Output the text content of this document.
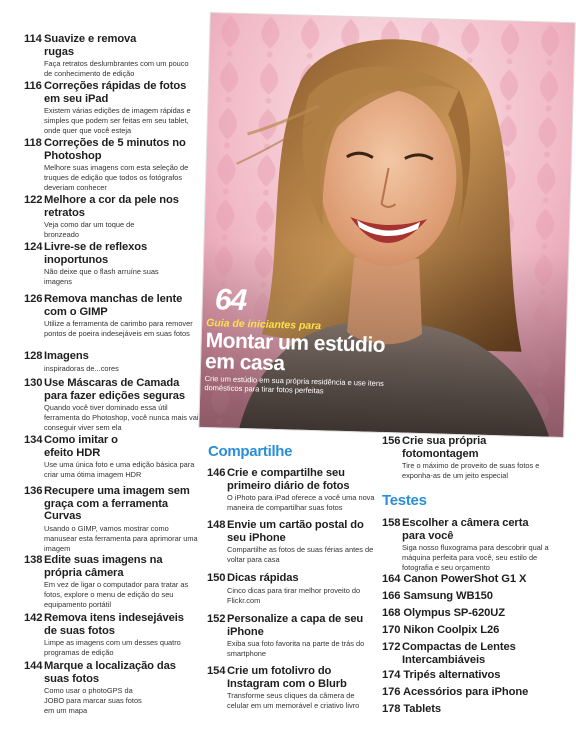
114 Suavize e remova rugas
Faça retratos deslumbrantes com um pouco de conhecimento de edição
116 Correções rápidas de fotos em seu iPad
Existem várias edições de imagem rápidas e simples que podem ser feitas em seu tablet, onde quer que você esteja
118 Correções de 5 minutos no Photoshop
Melhore suas imagens com esta seleção de truques de edição que todos os fotógrafos deveriam conhecer
122 Melhore a cor da pele nos retratos
Veja como dar um toque de bronzeado
124 Livre-se de reflexos inoportunos
Não deixe que o flash arruíne suas imagens
126 Remova manchas de lente com o GIMP
Utilize a ferramenta de carimbo para remover pontos de poeira indesejáveis em suas fotos
128 Imagens
inspiradoras de...cores
130 Use Máscaras de Camada para fazer edições seguras
Quando você tiver dominado essa útil ferramenta do Photoshop, você nunca mais vai conseguir viver sem ela
134 Como imitar o efeito HDR
Use uma única foto e uma edição básica para criar uma ótima imagem HDR
136 Recupere uma imagem sem graça com a ferramenta Curvas
Usando o GIMP, vamos mostrar como manusear esta ferramenta para aprimorar uma imagem
138 Edite suas imagens na própria câmera
Em vez de ligar o computador para tratar as fotos, explore o menu de edição do seu equipamento portátil
142 Remova itens indesejáveis de suas fotos
Limpe as imagens com um desses quatro programas de edição
144 Marque a localização das suas fotos
Como usar o photoGPS da JOBO para marcar suas fotos em um mapa
64
Guia de iniciantes para
Montar um estúdio em casa
Crie um estúdio em sua própria residência e use itens domésticos para tirar fotos perfeitas
Compartilhe
146 Crie e compartilhe seu primeiro diário de fotos
O iPhoto para iPad oferece a você uma nova maneira de compartilhar suas fotos
148 Envie um cartão postal do seu iPhone
Compartilhe as fotos de suas férias antes de voltar para casa
150 Dicas rápidas
Cinco dicas para tirar melhor proveito do Flickr.com
152 Personalize a capa de seu iPhone
Exiba sua foto favorita na parte de trás do smartphone
154 Crie um fotolivro do Instagram com o Blurb
Transforme seus cliques da câmera de celular em um memorável e criativo livro
156 Crie sua própria fotomontagem
Tire o máximo de proveito de suas fotos e exponha-as de um jeito especial
Testes
158 Escolher a câmera certa para você
Siga nosso fluxograma para descobrir qual a máquina perfeita para você, seu estilo de fotografia e seu orçamento
164 Canon PowerShot G1 X
166 Samsung WB150
168 Olympus SP-620UZ
170 Nikon Coolpix L26
172 Compactas de Lentes Intercambiáveis
174 Tripés alternativos
176 Acessórios para iPhone
178 Tablets
